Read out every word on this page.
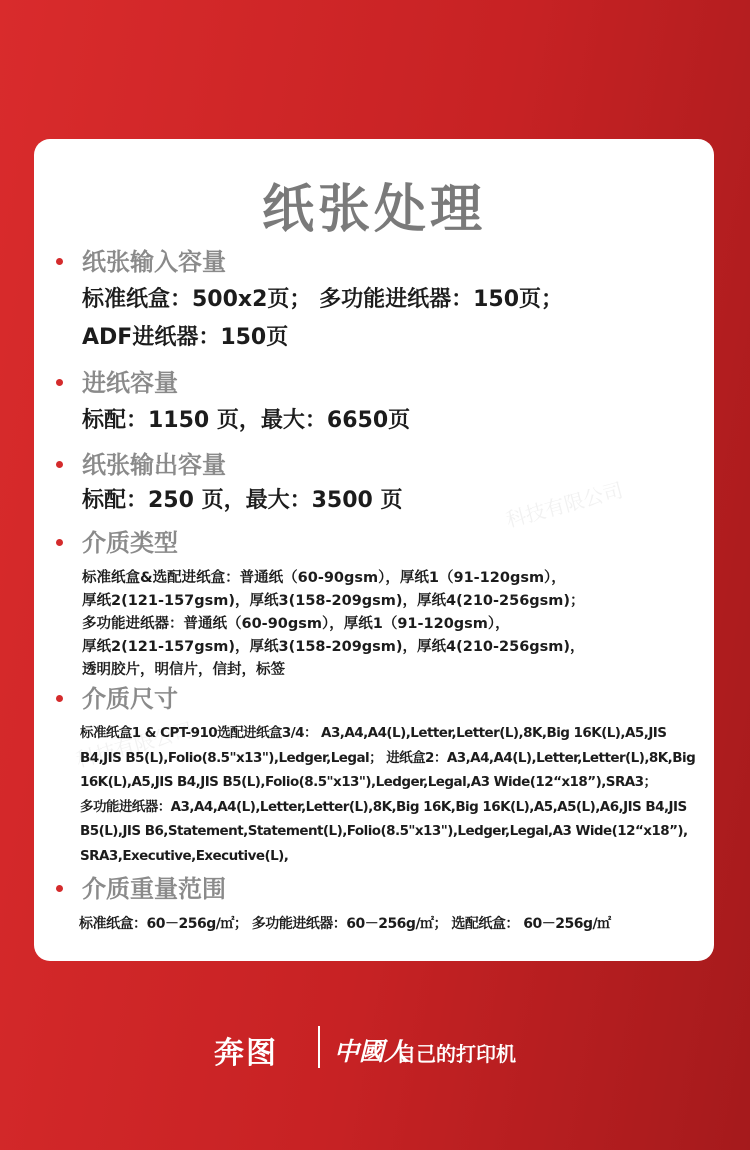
科技有限公司
科技有限公司
纸张处理
纸张输入容量
标准纸盒：500x2页； 多功能进纸器：150页；
ADF进纸器：150页
进纸容量
标配：1150 页，最大：6650页
纸张输出容量
标配：250 页，最大：3500 页
介质类型
标准纸盒&选配进纸盒：普通纸（60-90gsm），厚纸1（91-120gsm），
厚纸2(121-157gsm)，厚纸3(158-209gsm)，厚纸4(210-256gsm)；
多功能进纸器：普通纸（60-90gsm），厚纸1（91-120gsm），
厚纸2(121-157gsm)，厚纸3(158-209gsm)，厚纸4(210-256gsm)，
透明胶片，明信片，信封，标签
介质尺寸
标准纸盒1 & CPT-910选配进纸盒3/4： A3,A4,A4(L),Letter,Letter(L),8K,Big 16K(L),A5,JIS
B4,JIS B5(L),Folio(8.5"x13"),Ledger,Legal； 进纸盒2：A3,A4,A4(L),Letter,Letter(L),8K,Big
16K(L),A5,JIS B4,JIS B5(L),Folio(8.5"x13"),Ledger,Legal,A3 Wide(12“x18”),SRA3；
多功能进纸器：A3,A4,A4(L),Letter,Letter(L),8K,Big 16K,Big 16K(L),A5,A5(L),A6,JIS B4,JIS
B5(L),JIS B6,Statement,Statement(L),Folio(8.5"x13"),Ledger,Legal,A3 Wide(12“x18”),
SRA3,Executive,Executive(L),
介质重量范围
标准纸盒：60－256g/㎡； 多功能进纸器：60－256g/㎡； 选配纸盒： 60－256g/㎡
奔图 中國人
自己的打印机
